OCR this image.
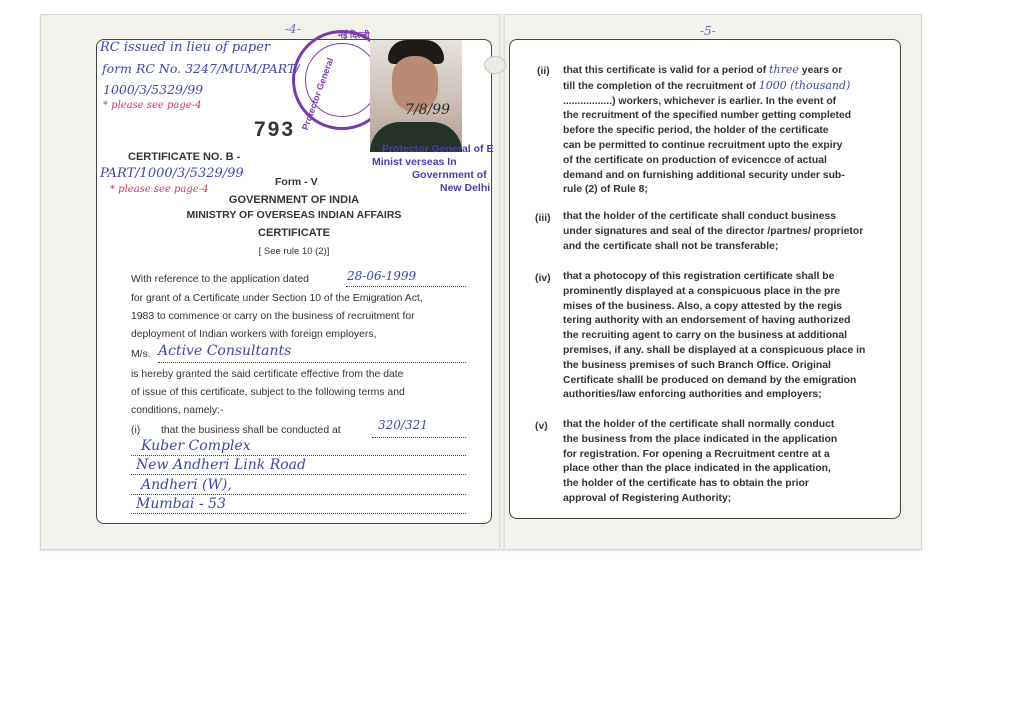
-4-	-5-
RC issued in lieu of paper
form RC No. 3247/MUM/PART/
1000/3/5329/99
* please see page-4	Protector General
नई दिल्ली
7/8/99
793
Protector General of E
Minist verseas In
Government of
New Delhi
CERTIFICATE NO. B -
PART/1000/3/5329/99
* please see page-4
Form - V
GOVERNMENT OF INDIA
MINISTRY OF OVERSEAS INDIAN AFFAIRS
CERTIFICATE
[ See rule 10 (2)]
With reference to the application dated	28-06-1999
for grant of a Certificate under Section 10 of the Emigration Act,
1983 to commence or carry on the business of recruitment for
deployment of Indian workers with foreign employers,
M/s. Active Consultants
is hereby granted the said certificate effective from the date
of issue of this certificate, subject to the following terms and
conditions, namely:-
(i) that the business shall be conducted at	320/321
Kuber Complex
New Andheri Link Road
Andheri (W),
Mumbai - 53
(ii) that this certificate is valid for a period of three years or
till the completion of the recruitment of 1000 (thousand)
.................) workers, whichever is earlier. In the event of
the recruitment of the specified number getting completed
before the specific period, the holder of the certificate
can be permitted to continue recruitment upto the expiry
of the certificate on production of evicencce of actual
demand and on furnishing additional security under sub-
rule (2) of Rule 8;
(iii) that the holder of the certificate shall conduct business
under signatures and seal of the director /partnes/ proprietor
and the certificate shall not be transferable;
(iv) that a photocopy of this registration certificate shall be
prominently displayed at a conspicuous place in the pre
mises of the business. Also, a copy attested by the regis
tering authority with an endorsement of having authorized
the recruiting agent to carry on the business at additional
premises, if any. shall be displayed at a conspicuous place in
the business premises of such Branch Office. Original
Certificate shalll be produced on demand by the emigration
authorities/law enforcing authorities and employers;
(v) that the holder of the certificate shall normally conduct
the business from the place indicated in the application
for registration. For opening a Recruitment centre at a
place other than the place indicated in the application,
the holder of the certificate has to obtain the prior
approval of Registering Authority;
